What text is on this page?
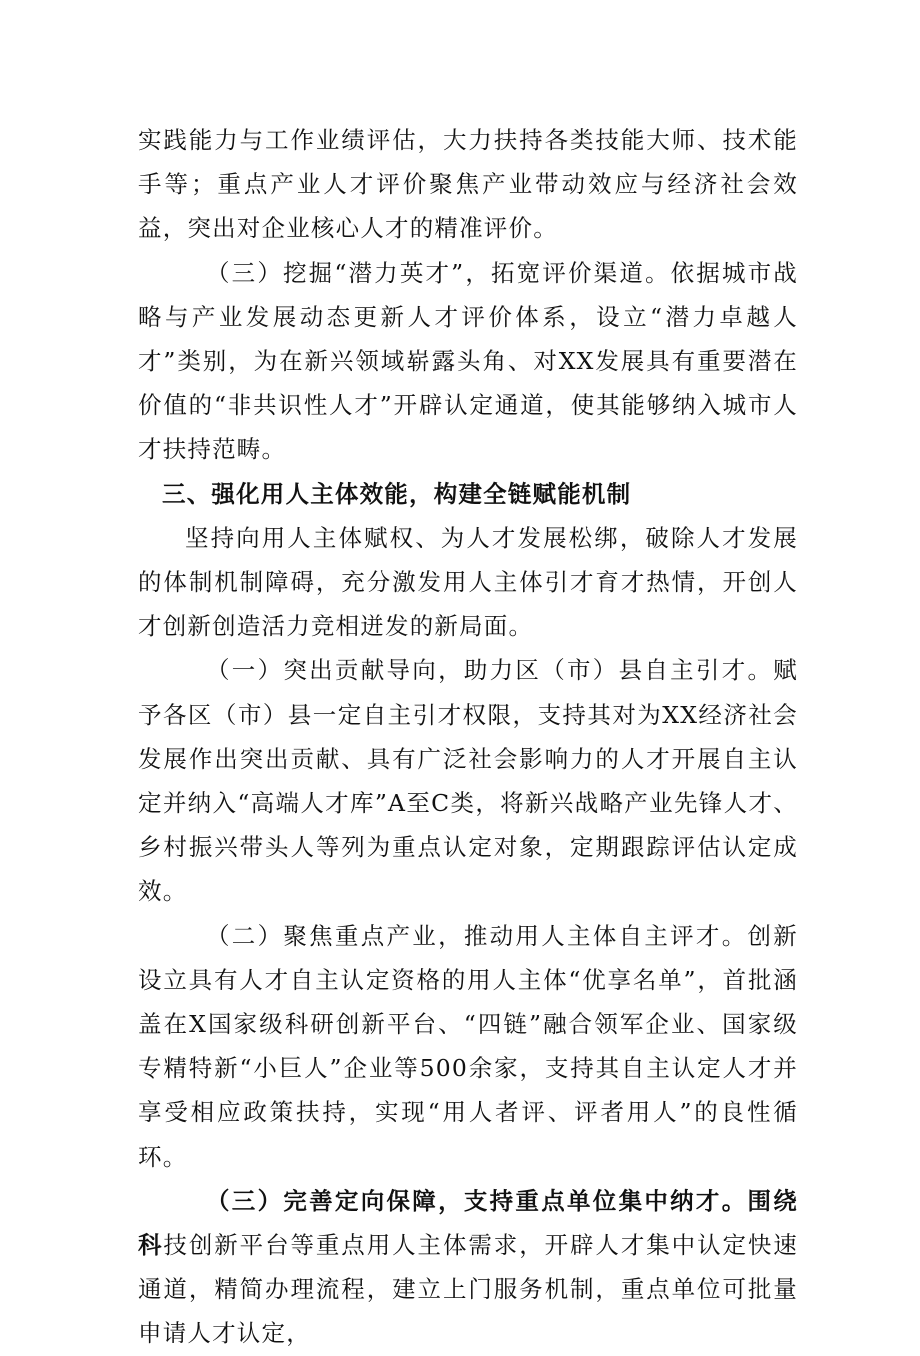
实践能力与工作业绩评估，大力扶持各类技能大师、技术能手等；重点产业人才评价聚焦产业带动效应与经济社会效益，突出对企业核心人才的精准评价。

（三）挖掘“潜力英才”，拓宽评价渠道。依据城市战略与产业发展动态更新人才评价体系，设立“潜力卓越人才”类别，为在新兴领域崭露头角、对XX发展具有重要潜在价值的“非共识性人才”开辟认定通道，使其能够纳入城市人才扶持范畴。

三、强化用人主体效能，构建全链赋能机制

坚持向用人主体赋权、为人才发展松绑，破除人才发展的体制机制障碍，充分激发用人主体引才育才热情，开创人才创新创造活力竞相迸发的新局面。

（一）突出贡献导向，助力区（市）县自主引才。赋予各区（市）县一定自主引才权限，支持其对为XX经济社会发展作出突出贡献、具有广泛社会影响力的人才开展自主认定并纳入“高端人才库”A至C类，将新兴战略产业先锋人才、乡村振兴带头人等列为重点认定对象，定期跟踪评估认定成效。

（二）聚焦重点产业，推动用人主体自主评才。创新设立具有人才自主认定资格的用人主体“优享名单”，首批涵盖在X国家级科研创新平台、“四链”融合领军企业、国家级专精特新“小巨人”企业等500余家，支持其自主认定人才并享受相应政策扶持，实现“用人者评、评者用人”的良性循环。

（三）完善定向保障，支持重点单位集中纳才。围绕科技创新平台等重点用人主体需求，开辟人才集中认定快速通道，精简办理流程，建立上门服务机制，重点单位可批量申请人才认定，
